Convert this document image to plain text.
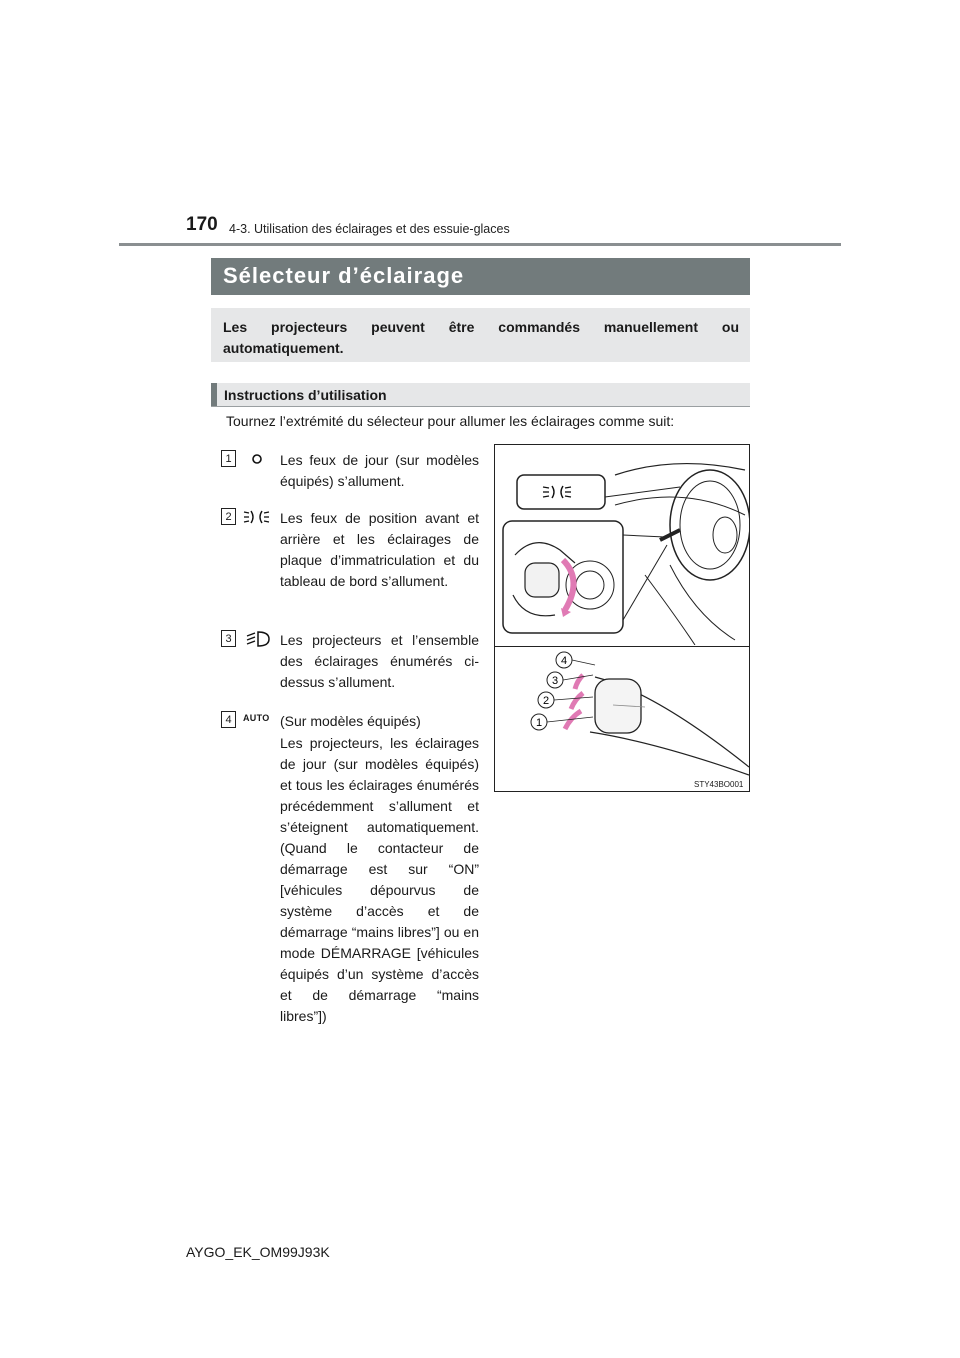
170 4-3. Utilisation des éclairages et des essuie-glaces
Sélecteur d’éclairage
Les projecteurs peuvent être commandés manuellement ou automatiquement.
Instructions d’utilisation
Tournez l’extrémité du sélecteur pour allumer les éclairages comme suit:
1	Les feux de jour (sur modèles équipés) s’allument.
2	Les feux de position avant et arrière et les éclairages de plaque d’immatriculation et du tableau de bord s’allument.
3	Les projecteurs et l’ensemble des éclairages énumérés ci-dessus s’allument.
4	AUTO (Sur modèles équipés)
Les projecteurs, les éclairages de jour (sur modèles équipés) et tous les éclairages énumérés précédemment s’allument et s’éteignent automatiquement. (Quand le contacteur de démarrage est sur “ON” [véhicules dépourvus de système d’accès et de démarrage “mains libres”] ou en mode DÉMARRAGE [véhicules équipés d’un système d’accès et de démarrage “mains libres”])
1
2
3
4
STY43BO001
AYGO_EK_OM99J93K
